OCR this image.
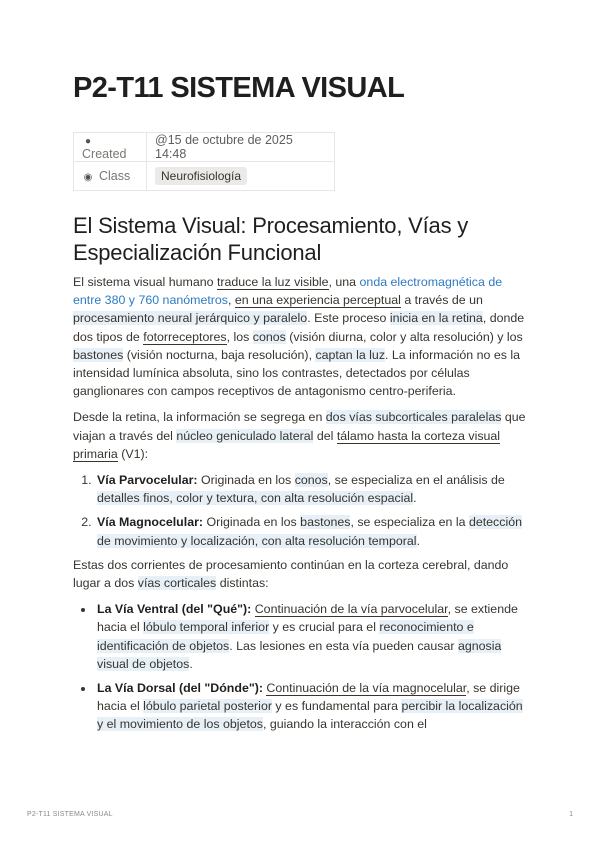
P2-T11 SISTEMA VISUAL
●Created	@15 de octubre de 2025 14:48
◉ Class	Neurofisiología
El Sistema Visual: Procesamiento, Vías y Especialización Funcional

El sistema visual humano traduce la luz visible, una onda electromagnética de entre 380 y 760 nanómetros, en una experiencia perceptual a través de un procesamiento neural jerárquico y paralelo. Este proceso inicia en la retina, donde dos tipos de fotorreceptores, los conos (visión diurna, color y alta resolución) y los bastones (visión nocturna, baja resolución), captan la luz. La información no es la intensidad lumínica absoluta, sino los contrastes, detectados por células ganglionares con campos receptivos de antagonismo centro-periferia.

Desde la retina, la información se segrega en dos vías subcorticales paralelas que viajan a través del núcleo geniculado lateral del tálamo hasta la corteza visual primaria (V1):

1. Vía Parvocelular: Originada en los conos, se especializa en el análisis de detalles finos, color y textura, con alta resolución espacial.
2. Vía Magnocelular: Originada en los bastones, se especializa en la detección de movimiento y localización, con alta resolución temporal.

Estas dos corrientes de procesamiento continúan en la corteza cerebral, dando lugar a dos vías corticales distintas:

• La Vía Ventral (del "Qué"): Continuación de la vía parvocelular, se extiende hacia el lóbulo temporal inferior y es crucial para el reconocimiento e identificación de objetos. Las lesiones en esta vía pueden causar agnosia visual de objetos.
• La Vía Dorsal (del "Dónde"): Continuación de la vía magnocelular, se dirige hacia el lóbulo parietal posterior y es fundamental para percibir la localización y el movimiento de los objetos, guiando la interacción con el
P2-T11 SISTEMA VISUAL	1
